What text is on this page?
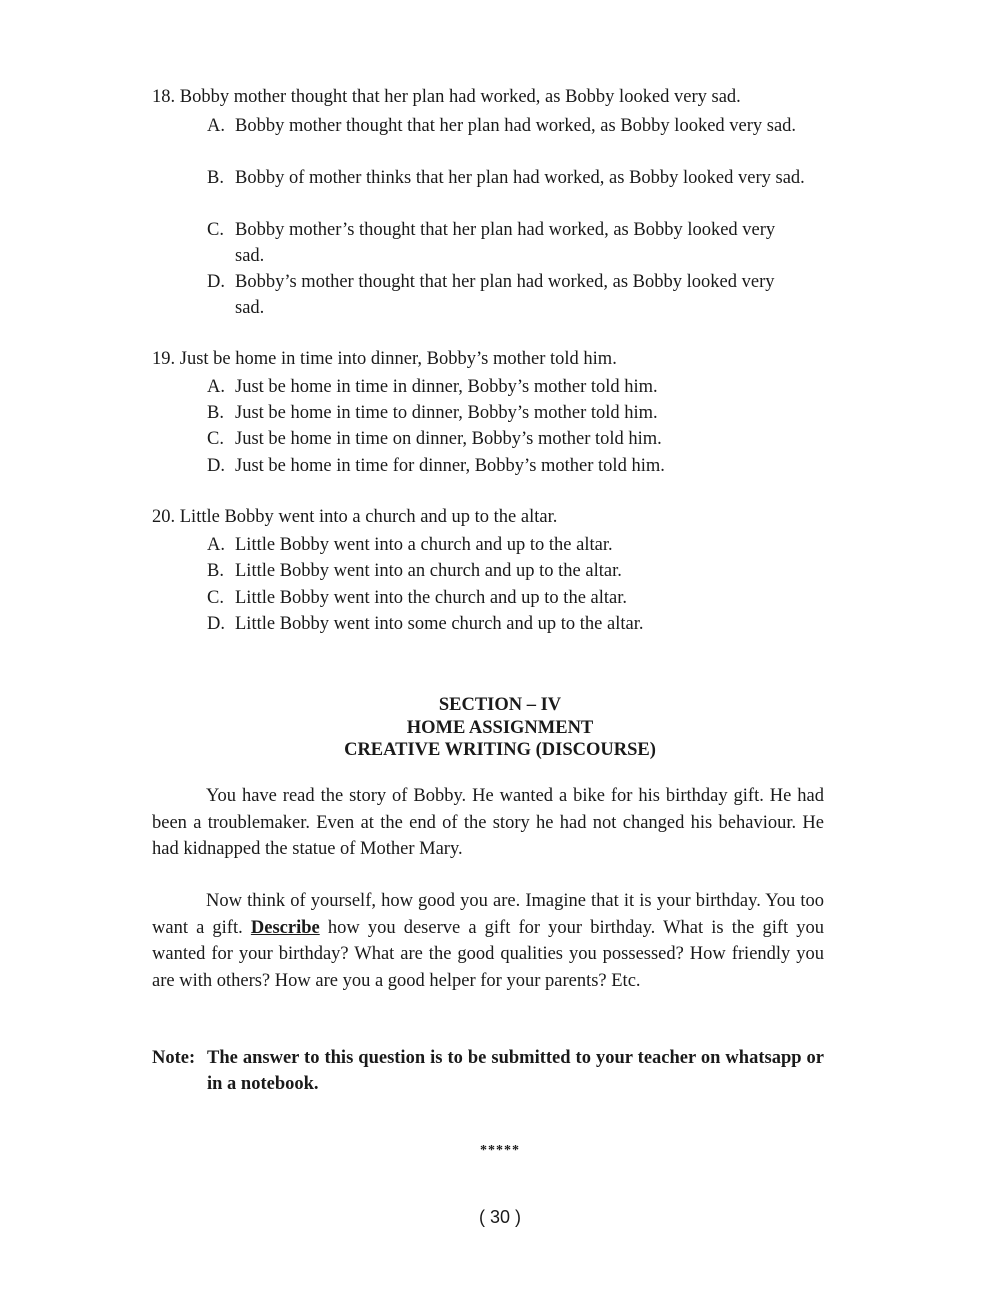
18. Bobby mother thought that her plan had worked, as Bobby looked very sad.
A. Bobby mother thought that her plan had worked, as Bobby looked very sad.
B. Bobby of mother thinks that her plan had worked, as Bobby looked very sad.
C. Bobby mother’s thought that her plan had worked, as Bobby looked very sad.
D. Bobby’s mother thought that her plan had worked, as Bobby looked very sad.
19. Just be home in time into dinner, Bobby’s mother told him.
A. Just be home in time in dinner, Bobby’s mother told him.
B. Just be home in time to dinner, Bobby’s mother told him.
C. Just be home in time on dinner, Bobby’s mother told him.
D. Just be home in time for dinner, Bobby’s mother told him.
20. Little Bobby went into a church and up to the altar.
A. Little Bobby went into a church and up to the altar.
B. Little Bobby went into an church and up to the altar.
C. Little Bobby went into the church and up to the altar.
D. Little Bobby went into some church and up to the altar.
SECTION – IV
HOME ASSIGNMENT
CREATIVE WRITING (DISCOURSE)
You have read the story of Bobby. He wanted a bike for his birthday gift. He had been a troublemaker. Even at the end of the story he had not changed his behaviour. He had kidnapped the statue of Mother Mary.
Now think of yourself, how good you are. Imagine that it is your birthday. You too want a gift. Describe how you deserve a gift for your birthday. What is the gift you wanted for your birthday? What are the good qualities you possessed? How friendly you are with others? How are you a good helper for your parents? Etc.
Note: The answer to this question is to be submitted to your teacher on whatsapp or in a notebook.
*****
( 30 )
